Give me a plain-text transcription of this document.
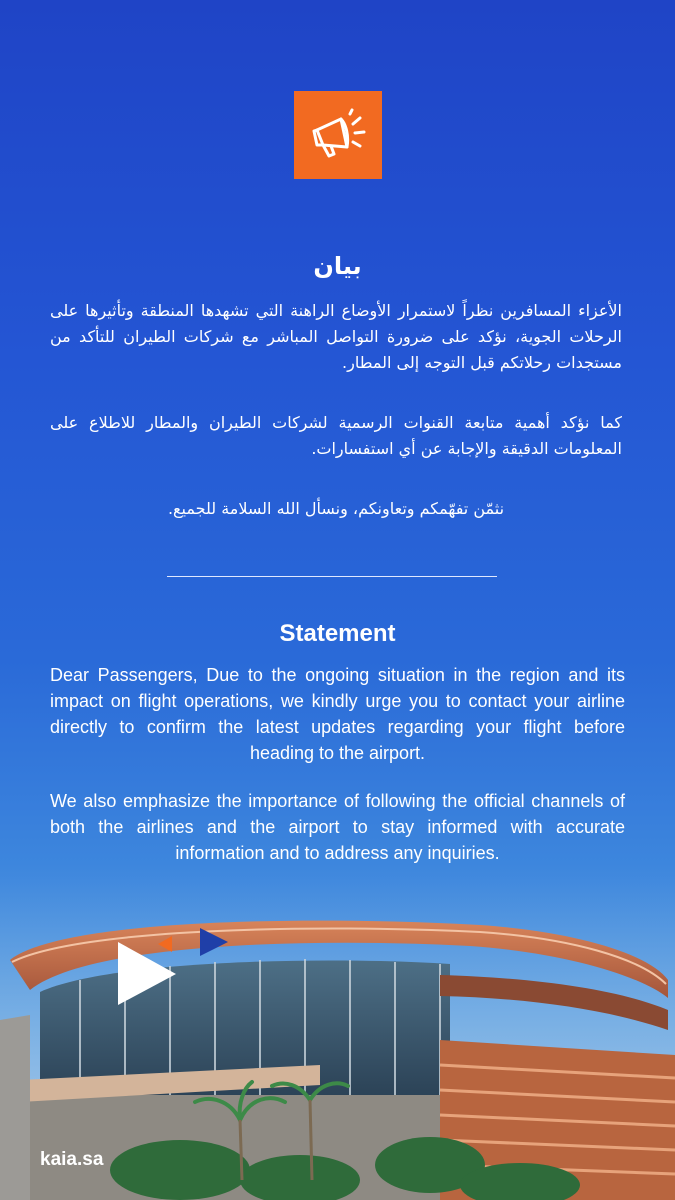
بيان
الأعزاء المسافرين نظراً لاستمرار الأوضاع الراهنة التي تشهدها المنطقة وتأثيرها على الرحلات الجوية، نؤكد على ضرورة التواصل المباشر مع شركات الطيران للتأكد من مستجدات رحلاتكم قبل التوجه إلى المطار.
كما نؤكد أهمية متابعة القنوات الرسمية لشركات الطيران والمطار للاطلاع على المعلومات الدقيقة والإجابة عن أي استفسارات.
نثمّن تفهّمكم وتعاونكم، ونسأل الله السلامة للجميع.
Statement
Dear Passengers, Due to the ongoing situation in the region and its impact on flight operations, we kindly urge you to contact your airline directly to confirm the latest updates regarding your flight before heading to the airport.
We also emphasize the importance of following the official channels of both the airlines and the airport to stay informed with accurate information and to address any inquiries.
kaia.sa
